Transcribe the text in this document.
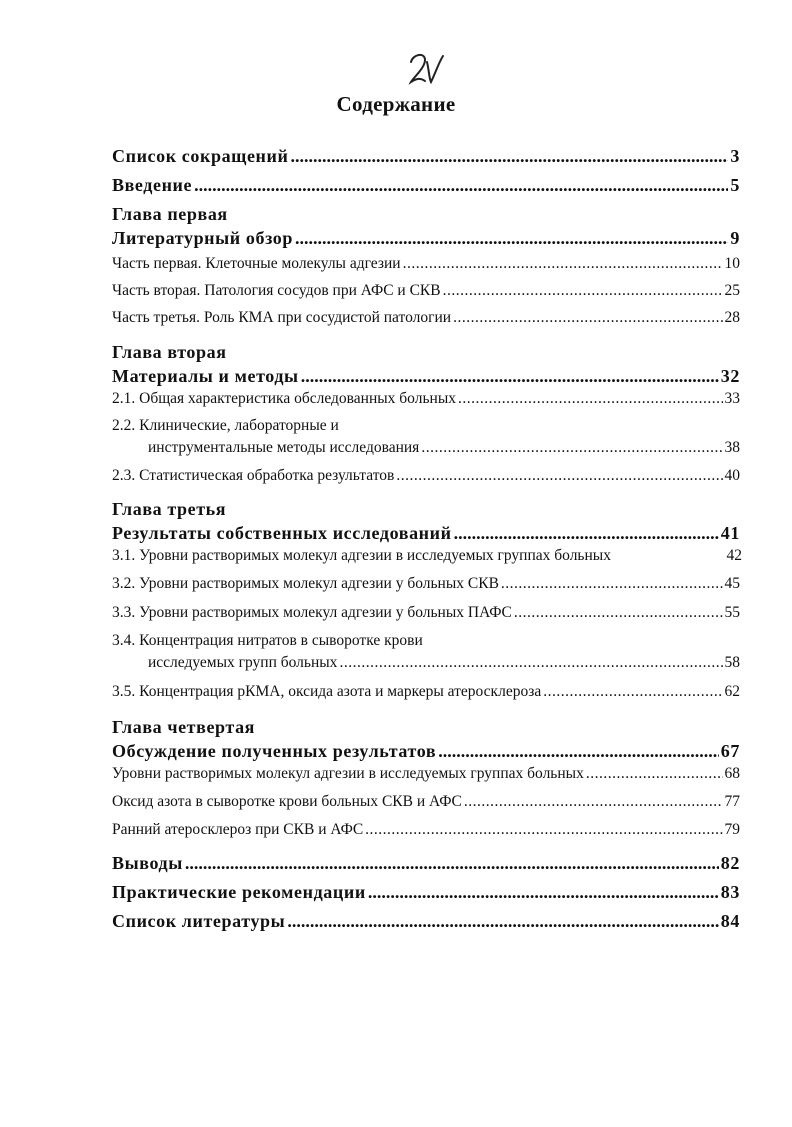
Содержание
Список сокращений .....	3
Введение .....	5
Глава первая
Литературный обзор .....	9
Часть первая. Клеточные молекулы адгезии .....	10
Часть вторая. Патология сосудов при АФС и СКВ .....	25
Часть третья. Роль КМА при сосудистой патологии .....	28
Глава вторая
Материалы и методы .....	32
2.1. Общая характеристика обследованных больных .....	33
2.2. Клинические, лабораторные и
инструментальные методы исследования .....	38
2.3. Статистическая обработка результатов .....	40
Глава третья
Результаты собственных исследований .....	41
3.1. Уровни растворимых молекул адгезии в исследуемых группах больных	42
3.2. Уровни растворимых молекул адгезии у больных СКВ .....	45
3.3. Уровни растворимых молекул адгезии у больных ПАФС .....	55
3.4. Концентрация нитратов в сыворотке крови
исследуемых групп больных .....	58
3.5. Концентрация рКМА, оксида азота и маркеры атеросклероза .....	62
Глава четвертая
Обсуждение полученных результатов .....	67
Уровни растворимых молекул адгезии в исследуемых группах больных .....	68
Оксид азота в сыворотке крови больных СКВ и АФС .....	77
Ранний атеросклероз при СКВ и АФС .....	79
Выводы .....	82
Практические рекомендации .....	83
Список литературы .....	84
